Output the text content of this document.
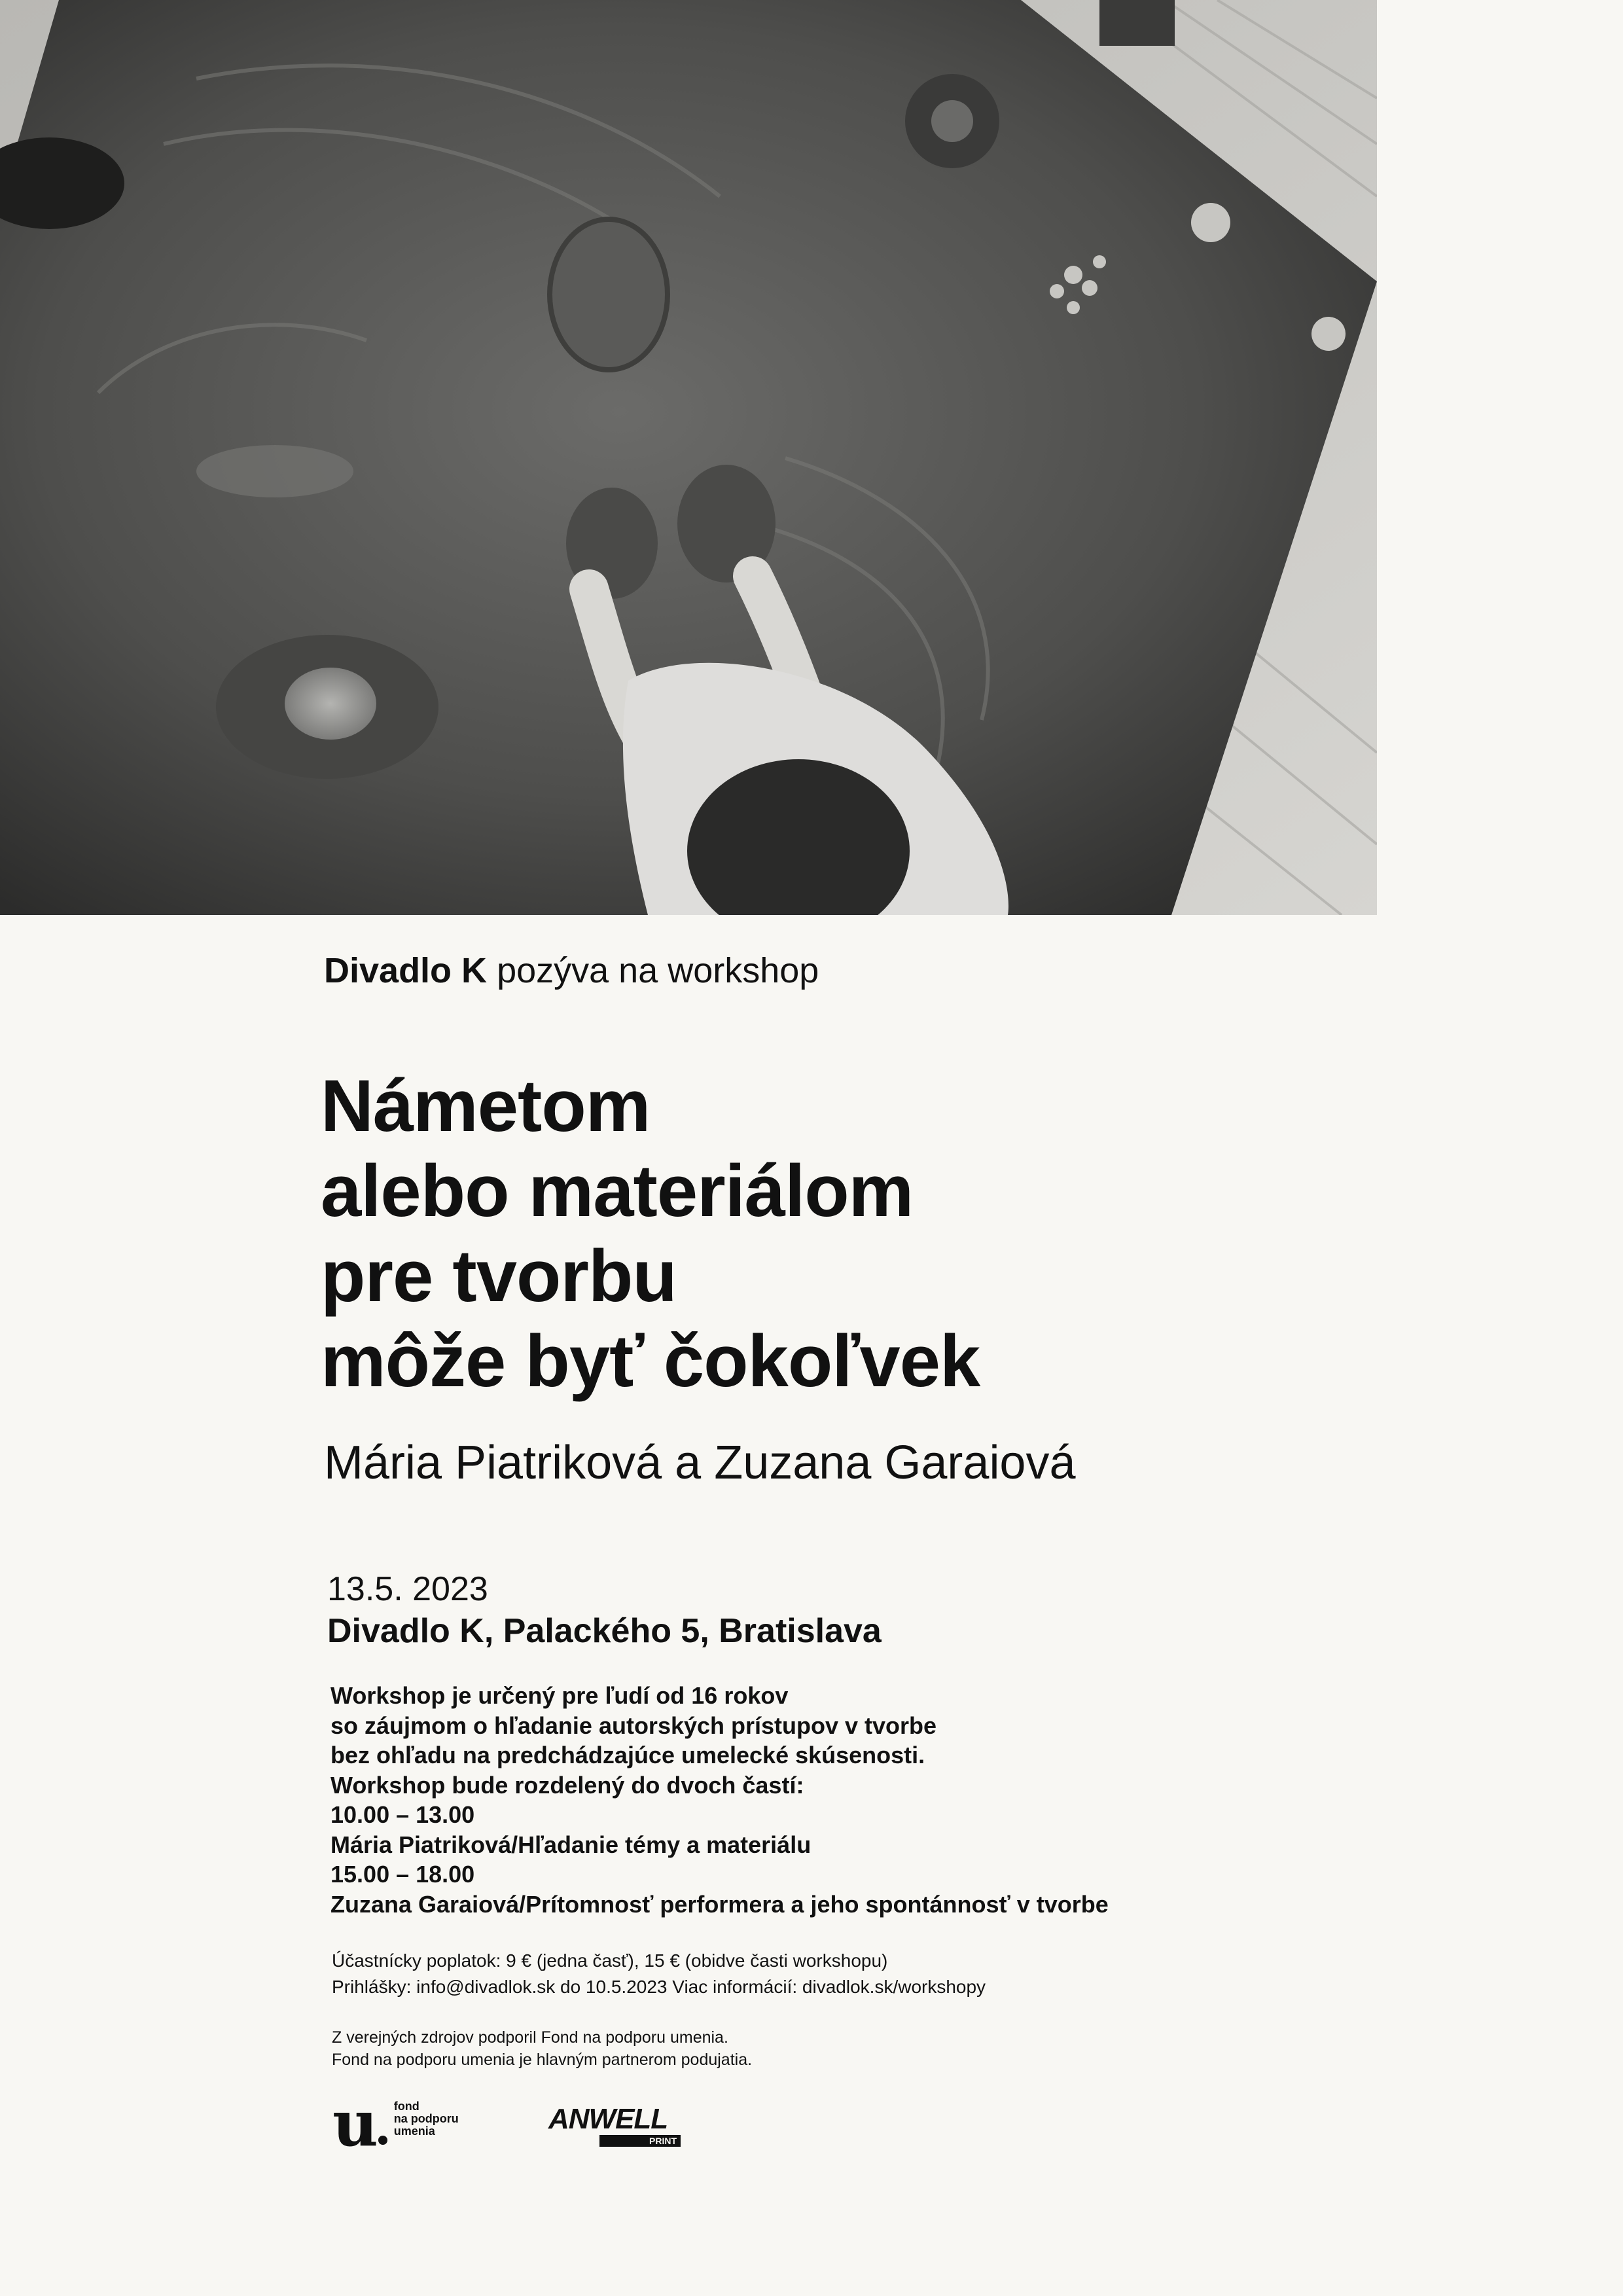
Divadlo K pozýva na workshop
Námetom
alebo materiálom
pre tvorbu
môže byť čokoľvek
Mária Piatriková a Zuzana Garaiová
13.5. 2023
Divadlo K, Palackého 5, Bratislava
Workshop je určený pre ľudí od 16 rokov
so záujmom o hľadanie autorských prístupov v tvorbe
bez ohľadu na predchádzajúce umelecké skúsenosti.
Workshop bude rozdelený do dvoch častí:
10.00 – 13.00
Mária Piatriková/Hľadanie témy a materiálu
15.00 – 18.00
Zuzana Garaiová/Prítomnosť performera a jeho spontánnosť v tvorbe
Účastnícky poplatok: 9 € (jedna časť), 15 € (obidve časti workshopu)
Prihlášky: info@divadlok.sk do 10.5.2023 Viac informácií: divadlok.sk/workshopy
Z verejných zdrojov podporil Fond na podporu umenia.
Fond na podporu umenia je hlavným partnerom podujatia.
u fond
na podporu
umenia	ANWELL
PRINT
